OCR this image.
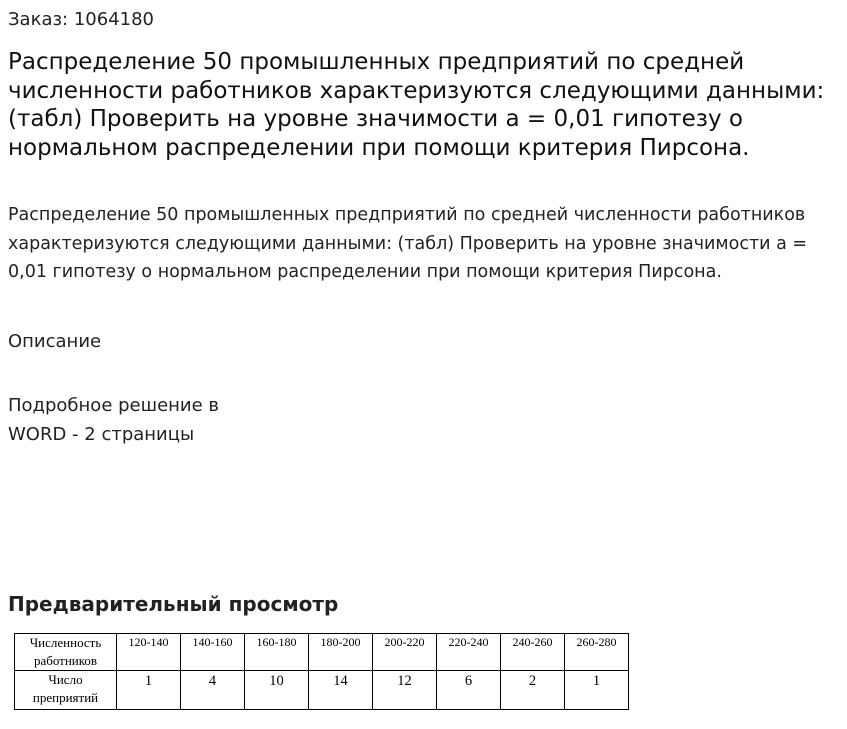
Заказ: 1064180
Распределение 50 промышленных предприятий по средней численности работников характеризуются следующими данными: (табл) Проверить на уровне значимости а = 0,01 гипотезу о нормальном распределении при помощи критерия Пирсона.

Распределение 50 промышленных предприятий по средней численности работников характеризуются следующими данными: (табл) Проверить на уровне значимости а = 0,01 гипотезу о нормальном распределении при помощи критерия Пирсона.

Описание
Подробное решение в
WORD - 2 страницы
Предварительный просмотр
Численность
работников	120-140	140-160	160-180	180-200	200-220	220-240	240-260	260-280

Число
преприятий	1	4	10	14	12	6	2	1
